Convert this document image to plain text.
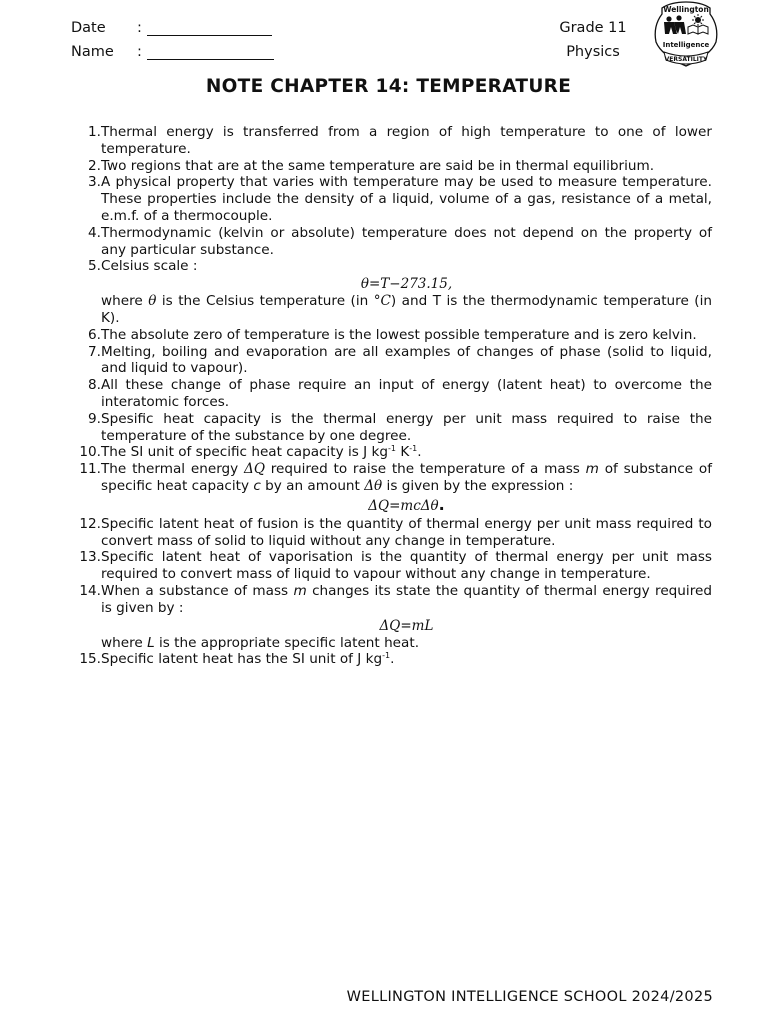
Date	:
Name	:
Grade 11
Physics
Wellington
Intelligence
VERSATILITY
NOTE CHAPTER 14: TEMPERATURE
1. Thermal energy is transferred from a region of high temperature to one of lower temperature.
2. Two regions that are at the same temperature are said be in thermal equilibrium.
3. A physical property that varies with temperature may be used to measure temperature. These properties include the density of a liquid, volume of a gas, resistance of a metal, e.m.f. of a thermocouple.
4. Thermodynamic (kelvin or absolute) temperature does not depend on the property of any particular substance.
5. Celsius scale :
θ=T−273.15,
where θ is the Celsius temperature (in °C) and T is the thermodynamic temperature (in K).
6. The absolute zero of temperature is the lowest possible temperature and is zero kelvin.
7. Melting, boiling and evaporation are all examples of changes of phase (solid to liquid, and liquid to vapour).
8. All these change of phase require an input of energy (latent heat) to overcome the interatomic forces.
9. Spesific heat capacity is the thermal energy per unit mass required to raise the temperature of the substance by one degree.
10. The SI unit of specific heat capacity is J $kg^{-1}$ $K^{-1}$.
11. The thermal energy ΔQ required to raise the temperature of a mass m of substance of specific heat capacity c by an amount Δθ is given by the expression :
ΔQ=mcΔθ.
12. Specific latent heat of fusion is the quantity of thermal energy per unit mass required to convert mass of solid to liquid without any change in temperature.
13. Specific latent heat of vaporisation is the quantity of thermal energy per unit mass required to convert mass of liquid to vapour without any change in temperature.
14. When a substance of mass m changes its state the quantity of thermal energy required is given by :
ΔQ=mL
where L is the appropriate specific latent heat.
15. Specific latent heat has the SI unit of J $kg^{-1}$.
WELLINGTON INTELLIGENCE SCHOOL 2024/2025
